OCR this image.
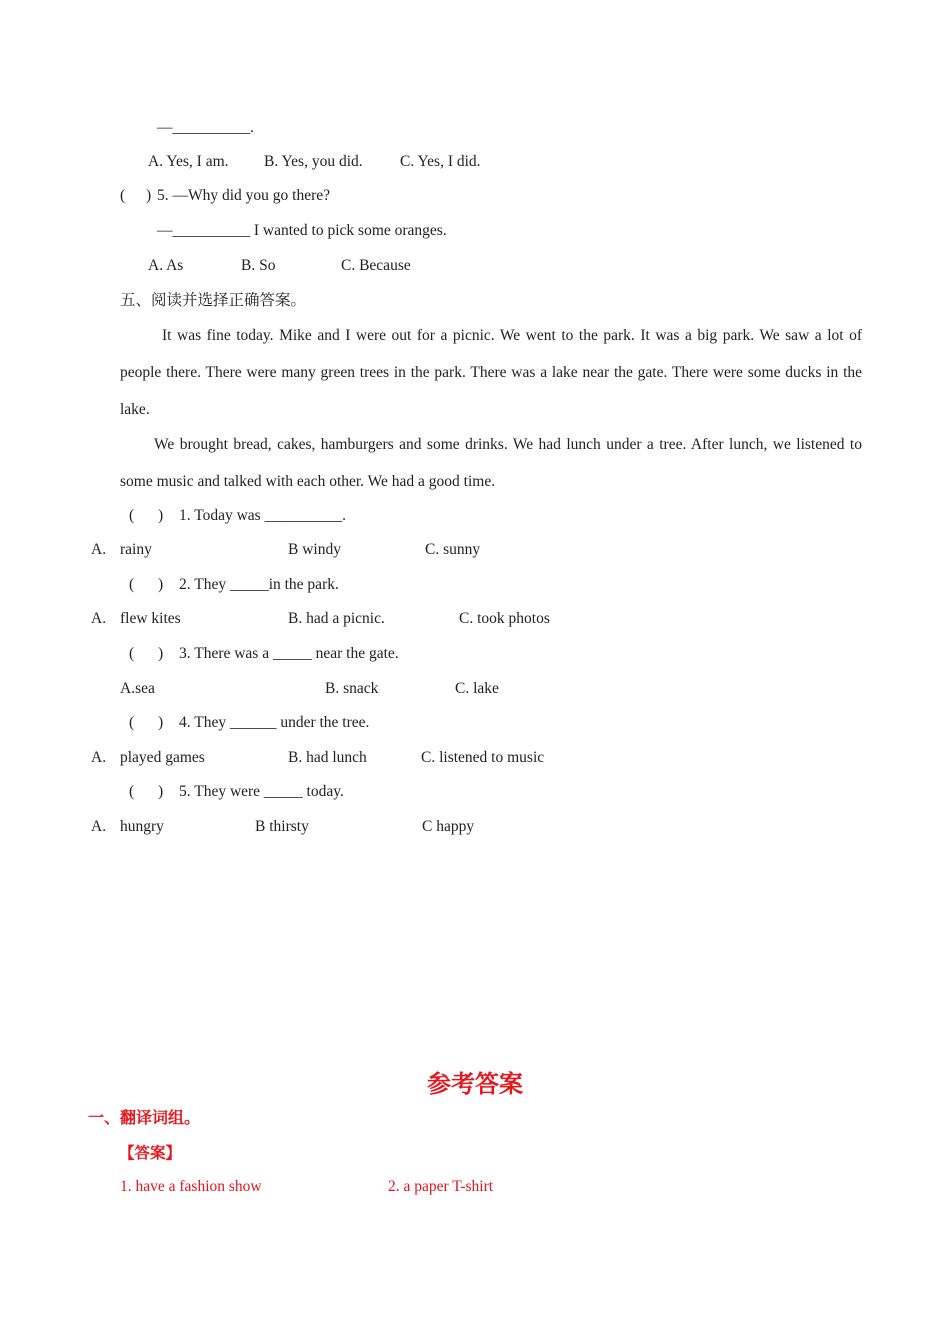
—__________.
A. Yes, I am. B. Yes, you did. C. Yes, I did.
( ) 5. —Why did you go there?
—__________ I wanted to pick some oranges.
A. As	B. So	C. Because
五、阅读并选择正确答案。
It was fine today. Mike and I were out for a picnic. We went to the park. It was a big park. We saw a lot of people there. There were many green trees in the park. There was a lake near the gate. There were some ducks in the lake.
We brought bread, cakes, hamburgers and some drinks. We had lunch under a tree. After lunch, we listened to some music and talked with each other. We had a good time.
( ) 1. Today was __________.
A. rainy	B windy	C. sunny
( ) 2. They _____in the park.
A. flew kites	B. had a picnic.	C. took photos
( ) 3. There was a _____ near the gate.
A.sea	B. snack	C. lake
( ) 4. They ______ under the tree.
A. played games	B. had lunch	C. listened to music
( ) 5. They were _____ today.
A. hungry	B thirsty	C happy
参考答案
一、翻译词组。
【答案】
1. have a fashion show	2. a paper T-shirt
